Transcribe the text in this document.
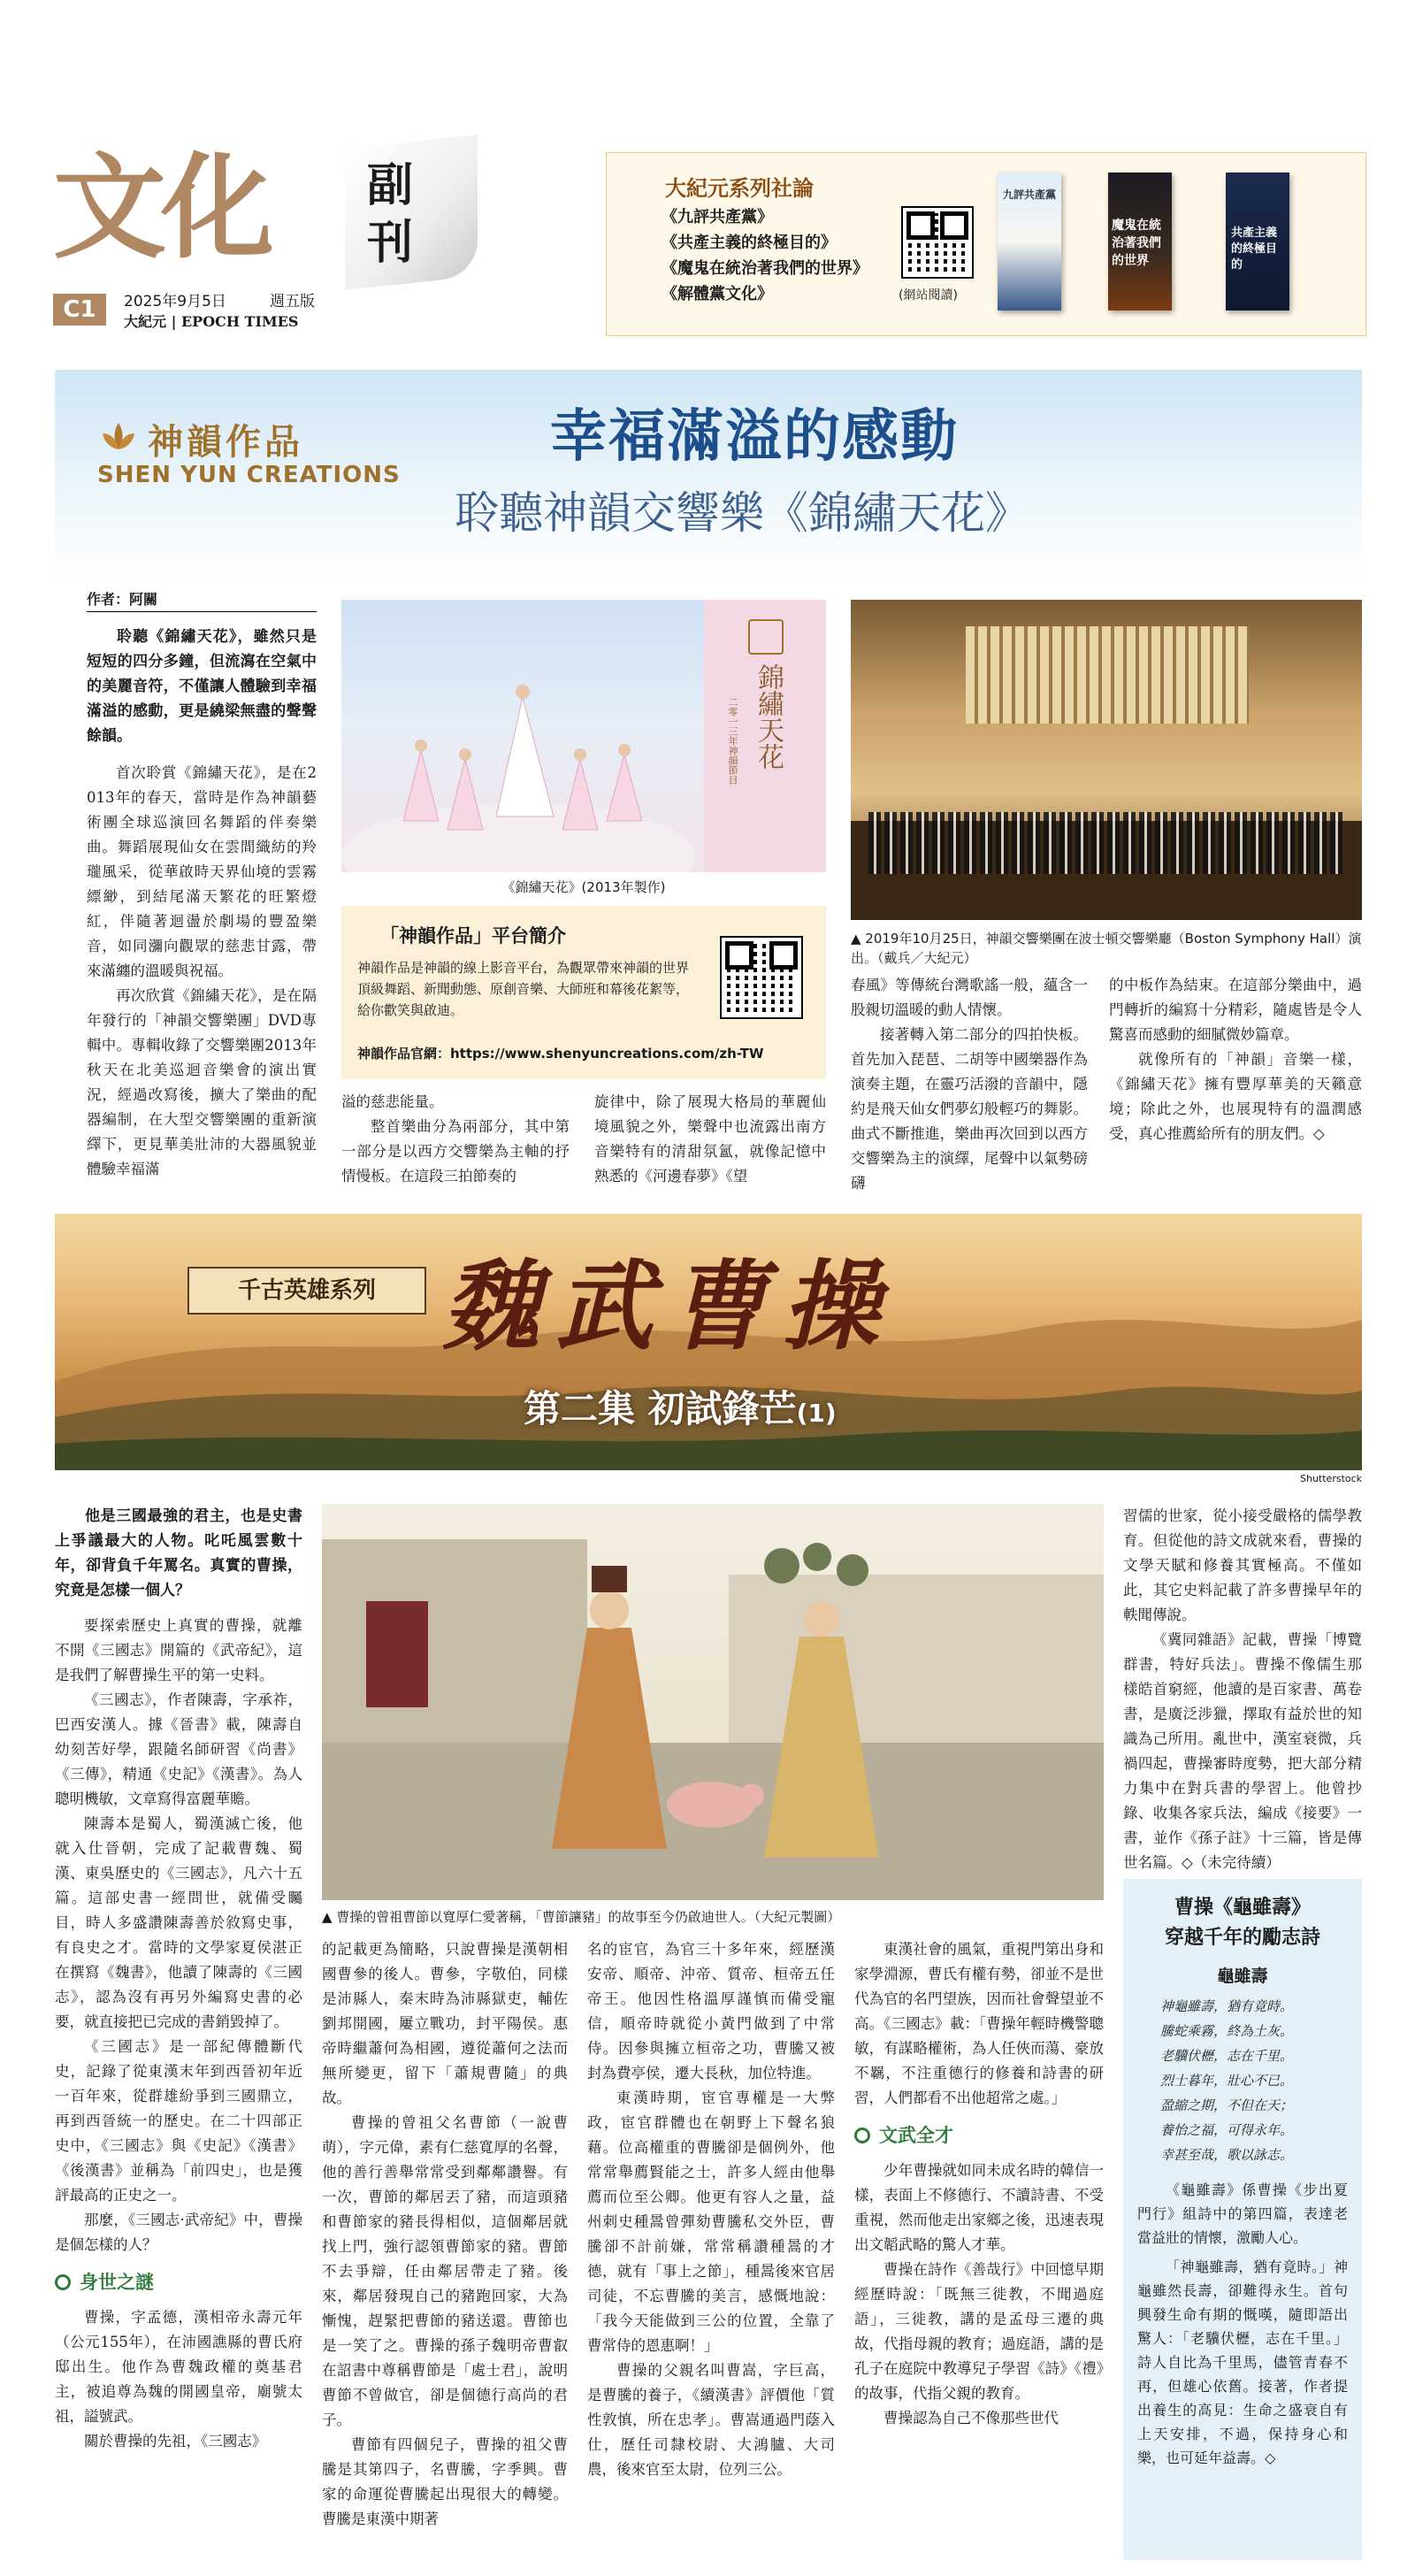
文化 副
刊
C1	2025年9月5日	週五版
大紀元 | EPOCH TIMES
大紀元系列社論
《九評共產黨》
《共產主義的終極目的》
《魔鬼在統治著我們的世界》
《解體黨文化》	(網站閱讀)
九評共產黨
魔鬼在統治著我們的世界
共產主義的終極目的
神韻作品
SHEN YUN CREATIONS
幸福滿溢的感動
聆聽神韻交響樂《錦繡天花》
作者：阿關

聆聽《錦繡天花》，雖然只是短短的四分多鐘，但流瀉在空氣中的美麗音符，不僅讓人體驗到幸福滿溢的感動，更是繞梁無盡的聲聲餘韻。

首次聆賞《錦繡天花》，是在2013年的春天，當時是作為神韻藝術團全球巡演回名舞蹈的伴奏樂曲。舞蹈展現仙女在雲間織紡的羚瓏風采，從華啟時天界仙境的雲霧縹緲，到結尾滿天繁花的旺繁燈紅，伴隨著迴盪於劇場的豐盈樂音，如同瀰向觀眾的慈悲甘露，帶來滿纏的溫暖與祝福。

再次欣賞《錦繡天花》，是在隔年發行的「神韻交響樂團」DVD專輯中。專輯收錄了交響樂團2013年秋天在北美巡迴音樂會的演出實況，經過改寫後，擴大了樂曲的配器編制，在大型交響樂團的重新演繹下，更見華美壯沛的大器風貌並體驗幸福滿

錦繡天花
二零一三年神韻節目
《錦繡天花》(2013年製作)
「神韻作品」平台簡介
神韻作品是神韻的線上影音平台，為觀眾帶來神韻的世界頂級舞蹈、新聞動態、原創音樂、大師班和幕後花絮等，給你歡笑與啟迪。
神韻作品官網：https://www.shenyuncreations.com/zh-TW
▲ 2019年10月25日，神韻交響樂團在波士頓交響樂廳（Boston Symphony Hall）演出。（戴兵／大紀元）

溢的慈悲能量。

整首樂曲分為兩部分，其中第一部分是以西方交響樂為主軸的抒情慢板。在這段三拍節奏的

旋律中，除了展現大格局的華麗仙境風貌之外，樂聲中也流露出南方音樂特有的清甜氛氳，就像記憶中熟悉的《河邊春夢》《望

春風》等傳統台灣歌謠一般，蘊含一股親切溫暖的動人情懷。

接著轉入第二部分的四拍快板。首先加入琵琶、二胡等中國樂器作為演奏主題，在靈巧活潑的音韻中，隱約是飛天仙女們夢幻般輕巧的舞影。曲式不斷推進，樂曲再次回到以西方交響樂為主的演繹，尾聲中以氣勢磅礴

的中板作為結束。在這部分樂曲中，過門轉折的編寫十分精彩，隨處皆是令人驚喜而感動的細膩微妙篇章。

就像所有的「神韻」音樂一樣，《錦繡天花》擁有豐厚華美的天籟意境；除此之外，也展現特有的溫潤感受，真心推薦給所有的朋友們。◇

千古英雄系列 魏武曹操
第二集 初試鋒芒(1)
Shutterstock

他是三國最強的君主，也是史書上爭議最大的人物。叱吒風雲數十年，卻背負千年罵名。真實的曹操，究竟是怎樣一個人？

要探索歷史上真實的曹操，就離不開《三國志》開篇的《武帝紀》，這是我們了解曹操生平的第一史料。

《三國志》，作者陳壽，字承祚，巴西安漢人。據《晉書》載，陳壽自幼刻苦好學，跟隨名師研習《尚書》《三傳》，精通《史記》《漢書》。為人聰明機敏，文章寫得富麗華贍。

陳壽本是蜀人，蜀漢滅亡後，他就入仕晉朝，完成了記載曹魏、蜀漢、東吳歷史的《三國志》，凡六十五篇。這部史書一經問世，就備受矚目，時人多盛讚陳壽善於敘寫史事，有良史之才。當時的文學家夏侯湛正在撰寫《魏書》，他讀了陳壽的《三國志》，認為沒有再另外編寫史書的必要，就直接把已完成的書銷毀掉了。

《三國志》是一部紀傳體斷代史，記錄了從東漢末年到西晉初年近一百年來，從群雄紛爭到三國鼎立，再到西晉統一的歷史。在二十四部正史中，《三國志》與《史記》《漢書》《後漢書》並稱為「前四史」，也是獲評最高的正史之一。

那麼，《三國志·武帝紀》中，曹操是個怎樣的人？

身世之謎

曹操，字孟德，漢相帝永壽元年（公元155年），在沛國譙縣的曹氏府邸出生。他作為曹魏政權的奠基君主，被追尊為魏的開國皇帝，廟號太祖，謚號武。

關於曹操的先祖，《三國志》

▲ 曹操的曾祖曹節以寬厚仁愛著稱，「曹節讓豬」的故事至今仍啟迪世人。（大紀元製圖）

的記載更為簡略，只說曹操是漢朝相國曹參的後人。曹參，字敬伯，同樣是沛縣人，秦末時為沛縣獄吏，輔佐劉邦開國，屢立戰功，封平陽侯。惠帝時繼蕭何為相國，遵從蕭何之法而無所變更，留下「蕭規曹隨」的典故。

曹操的曾祖父名曹節（一說曹萌），字元偉，素有仁慈寬厚的名聲，他的善行善舉常常受到鄰鄰讚譽。有一次，曹節的鄰居丟了豬，而這頭豬和曹節家的豬長得相似，這個鄰居就找上門，強行認領曹節家的豬。曹節不去爭辯，任由鄰居帶走了豬。後來，鄰居發現自己的豬跑回家，大為慚愧，趕緊把曹節的豬送還。曹節也是一笑了之。曹操的孫子魏明帝曹叡在詔書中尊稱曹節是「處士君」，說明曹節不曾做官，卻是個德行高尚的君子。

曹節有四個兒子，曹操的祖父曹騰是其第四子，名曹騰，字季興。曹家的命運從曹騰起出現很大的轉變。曹騰是東漢中期著

名的宦官，為官三十多年來，經歷漢安帝、順帝、沖帝、質帝、桓帝五任帝王。他因性格溫厚謹慎而備受寵信，順帝時就從小黃門做到了中常侍。因參與擁立桓帝之功，曹騰又被封為費亭侯，遷大長秋，加位特進。

東漢時期，宦官專權是一大弊政，宦官群體也在朝野上下聲名狼藉。位高權重的曹騰卻是個例外，他常常舉薦賢能之士，許多人經由他舉薦而位至公卿。他更有容人之量，益州刺史種暠曾彈劾曹騰私交外臣，曹騰卻不計前嫌，常常稱讚種暠的才德，就有「事上之節」，種暠後來官居司徒，不忘曹騰的美言，感慨地說：「我今天能做到三公的位置，全靠了曹常侍的恩惠啊！」

曹操的父親名叫曹嵩，字巨高，是曹騰的養子，《續漢書》評價他「質性敦慎，所在忠孝」。曹嵩通過門蔭入仕，歷任司隸校尉、大鴻臚、大司農，後來官至太尉，位列三公。

東漢社會的風氣，重視門第出身和家學淵源，曹氏有權有勢，卻並不是世代為官的名門望族，因而社會聲望並不高。《三國志》載：「曹操年輕時機警聰敏，有謀略權術，為人任俠而蕩、豪放不羈，不注重德行的修養和詩書的研習，人們都看不出他超常之處。」

文武全才

少年曹操就如同未成名時的韓信一樣，表面上不修德行、不讀詩書、不受重視，然而他走出家鄉之後，迅速表現出文韜武略的驚人才華。

曹操在詩作《善哉行》中回憶早期經歷時說：「既無三徙教，不聞過庭語」，三徙教，講的是孟母三遷的典故，代指母親的教育；過庭語，講的是孔子在庭院中教導兒子學習《詩》《禮》的故事，代指父親的教育。

曹操認為自己不像那些世代

習儒的世家，從小接受嚴格的儒學教育。但從他的詩文成就來看，曹操的文學天賦和修養其實極高。不僅如此，其它史料記載了許多曹操早年的軼聞傳說。

《冀同雜語》記載，曹操「博覽群書，特好兵法」。曹操不像儒生那樣皓首窮經，他讀的是百家書、萬卷書，是廣泛涉獵，擇取有益於世的知識為己所用。亂世中，漢室衰微，兵禍四起，曹操審時度勢，把大部分精力集中在對兵書的學習上。他曾抄錄、收集各家兵法，編成《接要》一書，並作《孫子註》十三篇，皆是傳世名篇。◇（未完待續）

曹操《龜雖壽》
穿越千年的勵志詩
龜雖壽
神龜雖壽，猶有竟時。
騰蛇乘霧，終為土灰。
老驥伏櫪，志在千里。
烈士暮年，壯心不已。
盈縮之期，不但在天；
養怡之福，可得永年。
幸甚至哉，歌以詠志。

《龜雖壽》係曹操《步出夏門行》組詩中的第四篇，表達老當益壯的情懷，激勵人心。

「神龜雖壽，猶有竟時。」神龜雖然長壽，卻難得永生。首句興發生命有期的慨嘆，隨即語出驚人：「老驥伏櫪，志在千里。」詩人自比為千里馬，儘管青春不再，但雄心依舊。接著，作者提出養生的高見：生命之盛衰自有上天安排，不過，保持身心和樂，也可延年益壽。◇
